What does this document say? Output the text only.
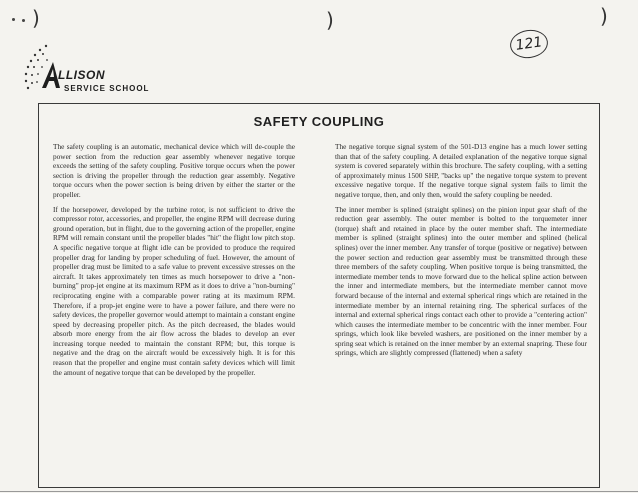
)	)	)
LLISON
SERVICE SCHOOL
121
SAFETY COUPLING

The safety coupling is an automatic, mechanical device which will de-couple the power section from the reduction gear assembly whenever negative torque exceeds the setting of the safety coupling. Positive torque occurs when the power section is driving the propeller through the reduction gear assembly. Negative torque occurs when the power section is being driven by either the starter or the propeller.

If the horsepower, developed by the turbine rotor, is not sufficient to drive the compressor rotor, accessories, and propeller, the engine RPM will decrease during ground operation, but in flight, due to the governing action of the propeller, engine RPM will remain constant until the propeller blades "hit" the flight low pitch stop. A specific negative torque at flight idle can be provided to produce the required propeller drag for landing by proper scheduling of fuel. However, the amount of propeller drag must be limited to a safe value to prevent excessive stresses on the aircraft. It takes approximately ten times as much horsepower to drive a "non-burning" prop-jet engine at its maximum RPM as it does to drive a "non-burning" reciprocating engine with a comparable power rating at its maximum RPM. Therefore, if a prop-jet engine were to have a power failure, and there were no safety devices, the propeller governor would attempt to maintain a constant engine speed by decreasing propeller pitch. As the pitch decreased, the blades would absorb more energy from the air flow across the blades to develop an ever increasing torque needed to maintain the constant RPM; but, this torque is negative and the drag on the aircraft would be excessively high. It is for this reason that the propeller and engine must contain safety devices which will limit the amount of negative torque that can be developed by the propeller.

The negative torque signal system of the 501-D13 engine has a much lower setting than that of the safety coupling. A detailed explanation of the negative torque signal system is covered separately within this brochure. The safety coupling, with a setting of approximately minus 1500 SHP, "backs up" the negative torque system to prevent excessive negative torque. If the negative torque signal system fails to limit the negative torque, then, and only then, would the safety coupling be needed.

The inner member is splined (straight splines) on the pinion input gear shaft of the reduction gear assembly. The outer member is bolted to the torquemeter inner (torque) shaft and retained in place by the outer member shaft. The intermediate member is splined (straight splines) into the outer member and splined (helical splines) over the inner member. Any transfer of torque (positive or negative) between the power section and reduction gear assembly must be transmitted through these three members of the safety coupling. When positive torque is being transmitted, the intermediate member tends to move forward due to the helical spline action between the inner and intermediate members, but the intermediate member cannot move forward because of the internal and external spherical rings which are retained in the intermediate member by an internal retaining ring. The spherical surfaces of the internal and external spherical rings contact each other to provide a "centering action" which causes the intermediate member to be concentric with the inner member. Four springs, which look like beveled washers, are positioned on the inner member by a spring seat which is retained on the inner member by an external snapring. These four springs, which are slightly compressed (flattened) when a safety
